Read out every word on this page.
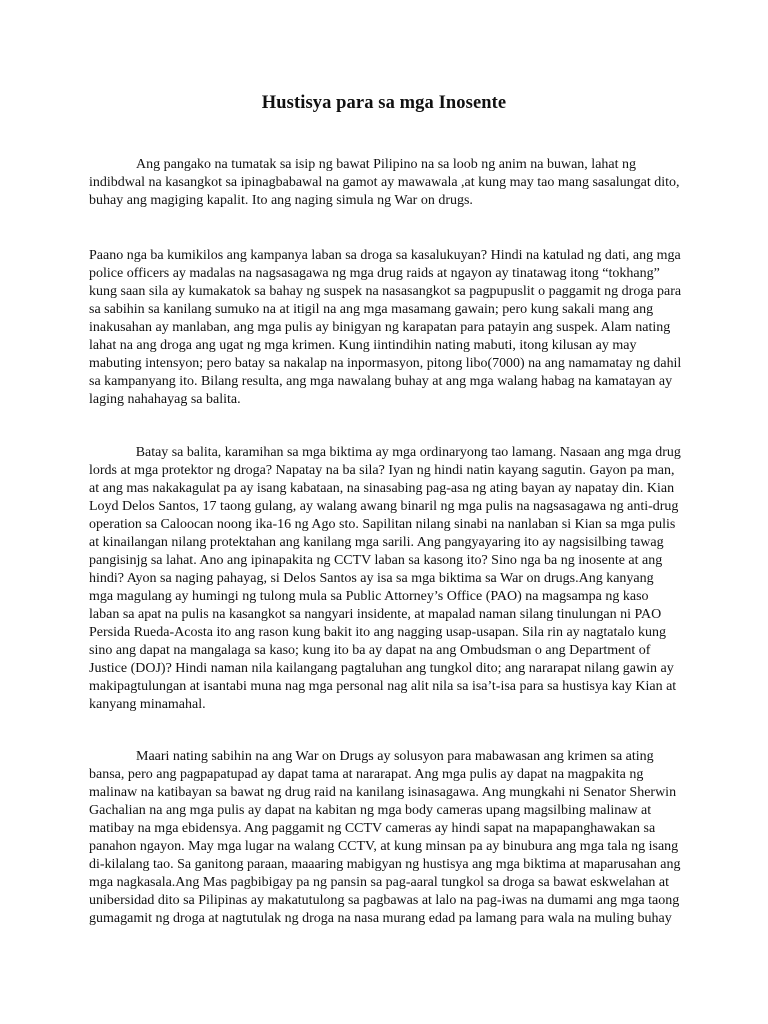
Hustisya para sa mga Inosente
Ang pangako na tumatak sa isip ng bawat Pilipino na sa loob ng anim na buwan, lahat ng
indibdwal na kasangkot sa ipinagbabawal na gamot ay mawawala ,at kung may tao mang sasalungat dito,
buhay ang magiging kapalit. Ito ang naging simula ng War on drugs.
Paano nga ba kumikilos ang kampanya laban sa droga sa kasalukuyan? Hindi na katulad ng dati, ang mga
police officers ay madalas na nagsasagawa ng mga drug raids at ngayon ay tinatawag itong “tokhang”
kung saan sila ay kumakatok sa bahay ng suspek na nasasangkot sa pagpupuslit o paggamit ng droga para
sa sabihin sa kanilang sumuko na at itigil na ang mga masamang gawain; pero kung sakali mang ang
inakusahan ay manlaban, ang mga pulis ay binigyan ng karapatan para patayin ang suspek. Alam nating
lahat na ang droga ang ugat ng mga krimen. Kung iintindihin nating mabuti, itong kilusan ay may
mabuting intensyon; pero batay sa nakalap na inpormasyon, pitong libo(7000) na ang namamatay ng dahil
sa kampanyang ito. Bilang resulta, ang mga nawalang buhay at ang mga walang habag na kamatayan ay
laging nahahayag sa balita.
Batay sa balita, karamihan sa mga biktima ay mga ordinaryong tao lamang. Nasaan ang mga drug
lords at mga protektor ng droga? Napatay na ba sila? Iyan ng hindi natin kayang sagutin. Gayon pa man,
at ang mas nakakagulat pa ay isang kabataan, na sinasabing pag-asa ng ating bayan ay napatay din. Kian
Loyd Delos Santos, 17 taong gulang, ay walang awang binaril ng mga pulis na nagsasagawa ng anti-drug
operation sa Caloocan noong ika-16 ng Ago sto. Sapilitan nilang sinabi na nanlaban si Kian sa mga pulis
at kinailangan nilang protektahan ang kanilang mga sarili. Ang pangyayaring ito ay nagsisilbing tawag
pangisinjg sa lahat. Ano ang ipinapakita ng CCTV laban sa kasong ito? Sino nga ba ng inosente at ang
hindi? Ayon sa naging pahayag, si Delos Santos ay isa sa mga biktima sa War on drugs.Ang kanyang
mga magulang ay humingi ng tulong mula sa Public Attorney’s Office (PAO) na magsampa ng kaso
laban sa apat na pulis na kasangkot sa nangyari insidente, at mapalad naman silang tinulungan ni PAO
Persida Rueda-Acosta ito ang rason kung bakit ito ang nagging usap-usapan. Sila rin ay nagtatalo kung
sino ang dapat na mangalaga sa kaso; kung ito ba ay dapat na ang Ombudsman o ang Department of
Justice (DOJ)? Hindi naman nila kailangang pagtaluhan ang tungkol dito; ang nararapat nilang gawin ay
makipagtulungan at isantabi muna nag mga personal nag alit nila sa isa’t-isa para sa hustisya kay Kian at
kanyang minamahal.
Maari nating sabihin na ang War on Drugs ay solusyon para mabawasan ang krimen sa ating
bansa, pero ang pagpapatupad ay dapat tama at nararapat. Ang mga pulis ay dapat na magpakita ng
malinaw na katibayan sa bawat ng drug raid na kanilang isinasagawa. Ang mungkahi ni Senator Sherwin
Gachalian na ang mga pulis ay dapat na kabitan ng mga body cameras upang magsilbing malinaw at
matibay na mga ebidensya. Ang paggamit ng CCTV cameras ay hindi sapat na mapapanghawakan sa
panahon ngayon. May mga lugar na walang CCTV, at kung minsan pa ay binubura ang mga tala ng isang
di-kilalang tao. Sa ganitong paraan, maaaring mabigyan ng hustisya ang mga biktima at maparusahan ang
mga nagkasala.Ang Mas pagbibigay pa ng pansin sa pag-aaral tungkol sa droga sa bawat eskwelahan at
unibersidad dito sa Pilipinas ay makatutulong sa pagbawas at lalo na pag-iwas na dumami ang mga taong
gumagamit ng droga at nagtutulak ng droga na nasa murang edad pa lamang para wala na muling buhay
